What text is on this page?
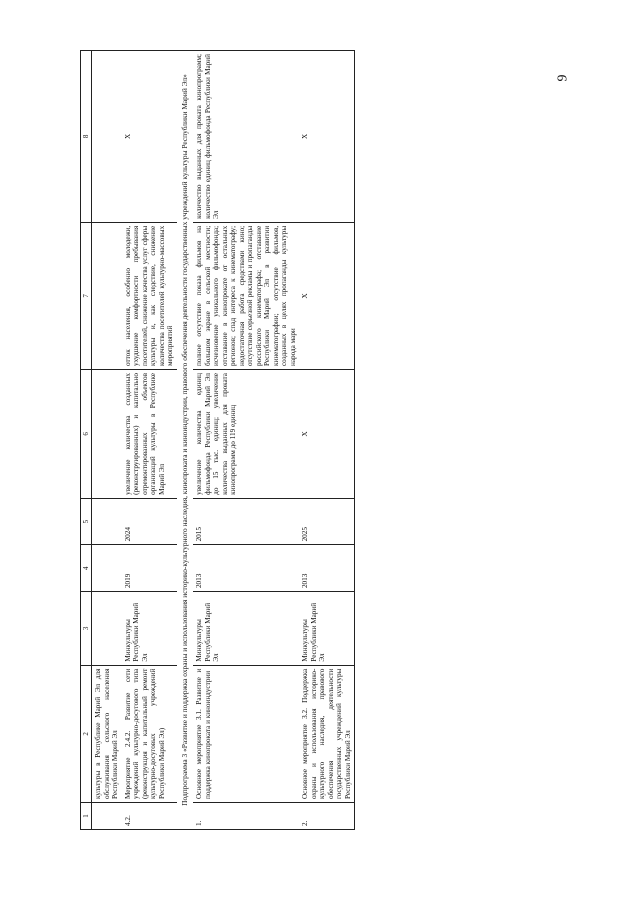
9
1	2	3	4	5	6	7	8
	культуры в Республике Марий Эл для обслуживания сельского населения Республики Марий Эл						
4.2.	Мероприятие 2.4.2. Развитие сети учреждений культурно-досугового типа (реконструкция и капитальный ремонт культурно-досуговых учреждений Республики Марий Эл)	Минкультуры Республики Марий Эл	2019	2024	увеличение количества созданных (реконструированных) и капитально отремонтированных объектов организаций культуры в Республике Марий Эл	отток населения, особенно молодежи, ухудшение комфортности пребывания посетителей, снижение качества услуг сферы культуры и, как следствие, снижение количества посетителей культурно-массовых мероприятий	X
Подпрограмма 3 «Развитие и поддержка охраны и использования историко-культурного наследия, кинопроката и киноиндустрии, правового обеспечения деятельности государственных учреждений культуры Республики Марий Эл»							
1.	Основное мероприятие 3.1. Развитие и поддержка кинопроката и киноиндустрии	Минкультуры Республики Марий Эл	2013	2015	увеличение количества единиц фильмофонда Республики Марий Эл до 15 тыс. единиц; увеличение количества выданных для проката кинопрограмм до 119 единиц	полное отсутствие показа фильмов на большом экране в сельской местности; исчезновение уникального фильмофонда; отставание в кинопрокате от остальных регионов; спад интереса к кинематографу; недостаточная работа средствами кино; отсутствие серьезной рекламы и пропаганды российского кинематографа; отставание Республики Марий Эл в развитии кинематографии; отсутствие фильмов, созданных в целях пропаганды культуры народа мари	количество выданных для проката кинопрограмм; количество единиц фильмофонда Республики Марий Эл
2.	Основное мероприятие 3.2. Поддержка охраны и использования историко-культурного наследия, правового обеспечения деятельности государственных учреждений культуры Республики Марий Эл	Минкультуры Республики Марий Эл	2013	2025	X	X	X
